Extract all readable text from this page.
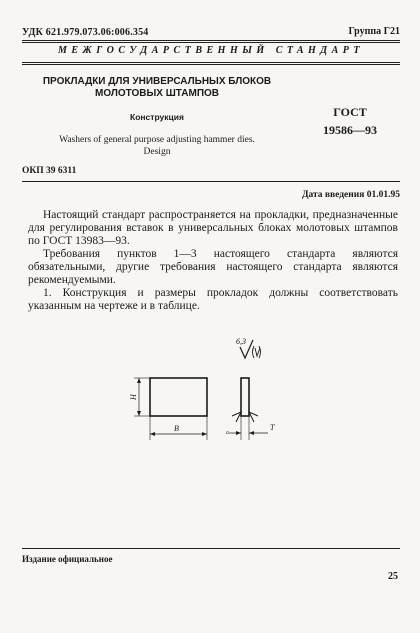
УДК 621.979.073.06:006.354	Группа Г21
МЕЖГОСУДАРСТВЕННЫЙ СТАНДАРТ
ПРОКЛАДКИ ДЛЯ УНИВЕРСАЛЬНЫХ БЛОКОВ
МОЛОТОВЫХ ШТАМПОВ
Конструкция
Washers of general purpose adjusting hammer dies.
Design
ГОСТ
19586—93
ОКП 39 6311
Дата введения 01.01.95

Настоящий стандарт распространяется на прокладки, предназначенные для регулирования вставок в универсальных блоках молотовых штампов по ГОСТ 13983—93.

Требования пунктов 1—3 настоящего стандарта являются обязательными, другие требования настоящего стандарта являются рекомендуемыми.

1. Конструкция и размеры прокладок должны соответствовать указанным на чертеже и в таблице.

6,3
H
B	T
c
Издание официальное
25
